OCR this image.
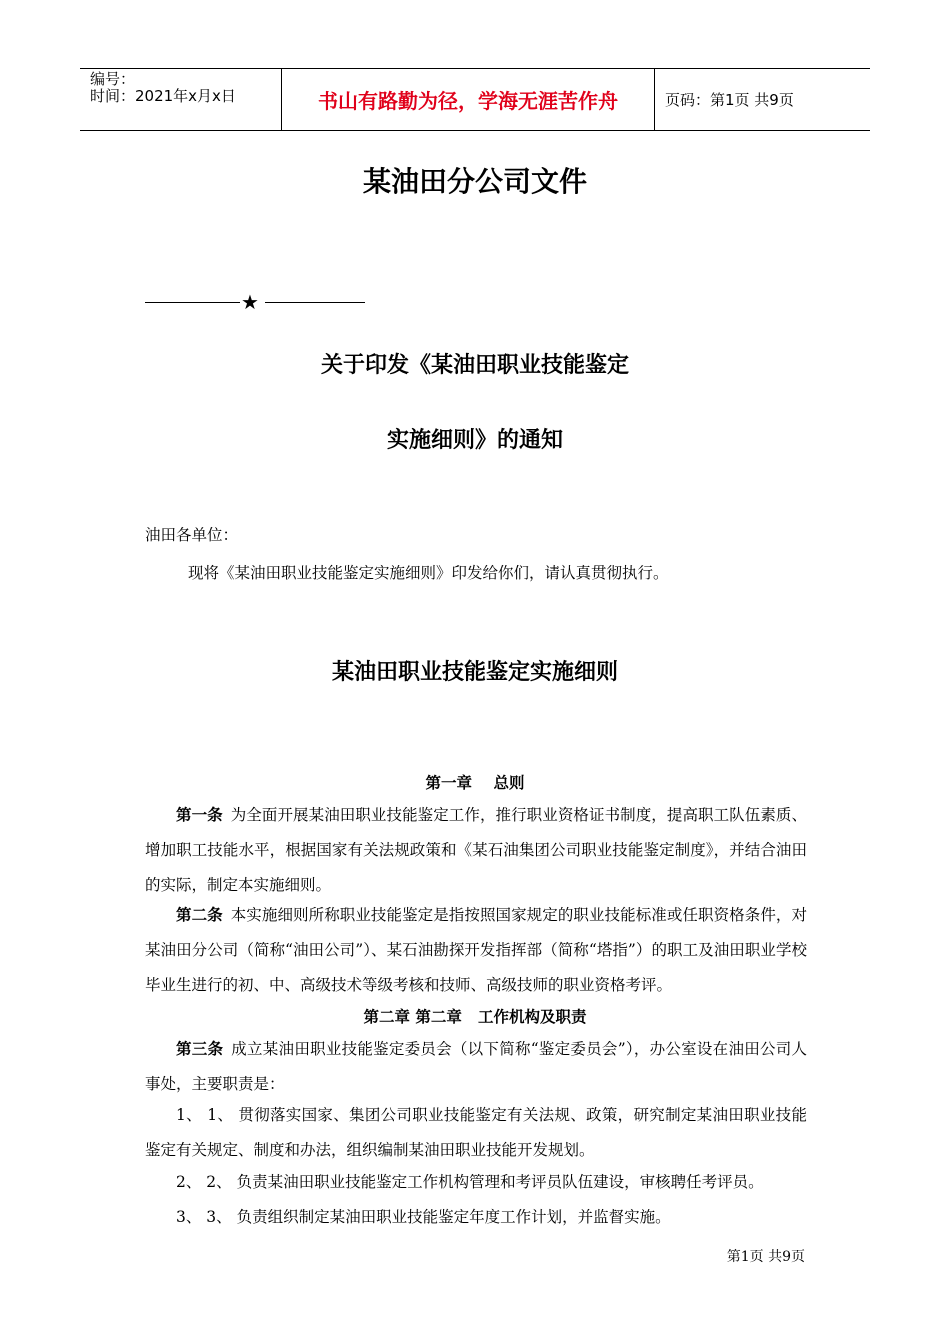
编号：
时间：2021年x月x日	书山有路勤为径，学海无涯苦作舟	页码：第1页 共9页
某油田分公司文件
★
关于印发《某油田职业技能鉴定
实施细则》的通知
油田各单位：
现将《某油田职业技能鉴定实施细则》印发给你们，请认真贯彻执行。
某油田职业技能鉴定实施细则
第一章    总则
第一条 为全面开展某油田职业技能鉴定工作，推行职业资格证书制度，提高职工队伍素质、增加职工技能水平，根据国家有关法规政策和《某石油集团公司职业技能鉴定制度》，并结合油田的实际，制定本实施细则。
第二条 本实施细则所称职业技能鉴定是指按照国家规定的职业技能标准或任职资格条件，对某油田分公司（简称“油田公司”）、某石油勘探开发指挥部（简称“塔指”）的职工及油田职业学校毕业生进行的初、中、高级技术等级考核和技师、高级技师的职业资格考评。
第二章 第二章   工作机构及职责
第三条 成立某油田职业技能鉴定委员会（以下简称“鉴定委员会”），办公室设在油田公司人事处，主要职责是：
1、 1、 贯彻落实国家、集团公司职业技能鉴定有关法规、政策，研究制定某油田职业技能鉴定有关规定、制度和办法，组织编制某油田职业技能开发规划。
2、 2、 负责某油田职业技能鉴定工作机构管理和考评员队伍建设，审核聘任考评员。
3、 3、 负责组织制定某油田职业技能鉴定年度工作计划，并监督实施。
第1页 共9页
